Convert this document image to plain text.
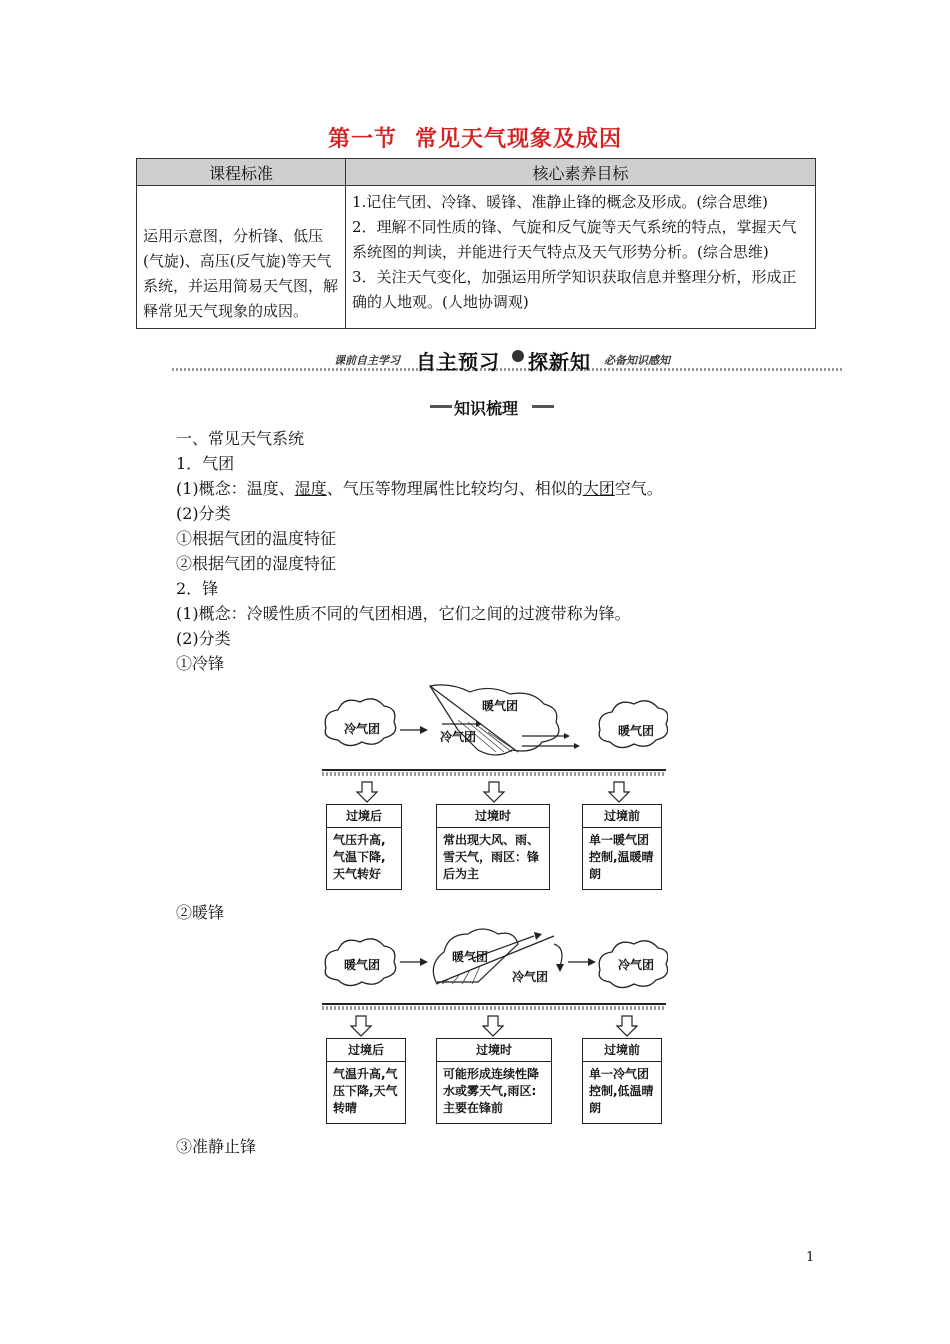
第一节 常见天气现象及成因
课程标准	核心素养目标
运用示意图，分析锋、低压(气旋)、高压(反气旋)等天气系统，并运用简易天气图，解释常见天气现象的成因。	1.记住气团、冷锋、暖锋、准静止锋的概念及形成。(综合思维)
2．理解不同性质的锋、气旋和反气旋等天气系统的特点，掌握天气系统图的判读，并能进行天气特点及天气形势分析。(综合思维)
3．关注天气变化，加强运用所学知识获取信息并整理分析，形成正确的人地观。(人地协调观)
课前自主学习 自主预习 探新知 必备知识感知
知识梳理

一、常见天气系统

1．气团

(1)概念：温度、湿度、气压等物理属性比较均匀、相似的大团空气。

(2)分类

①根据气团的温度特征

②根据气团的湿度特征

2．锋

(1)概念：冷暖性质不同的气团相遇，它们之间的过渡带称为锋。

(2)分类

①冷锋

②暖锋

③准静止锋

冷气团	暖气团
暖气团
冷气团
过境后
气压升高,气温下降,天气转好
过境时
常出现大风、雨、雪天气，雨区：锋后为主
过境前
单一暖气团控制,温暖晴朗
暖气团	冷气团
暖气团
冷气团
过境后
气温升高,气压下降,天气转晴
过境时
可能形成连续性降水或雾天气,雨区:主要在锋前
过境前
单一冷气团控制,低温晴朗
1
